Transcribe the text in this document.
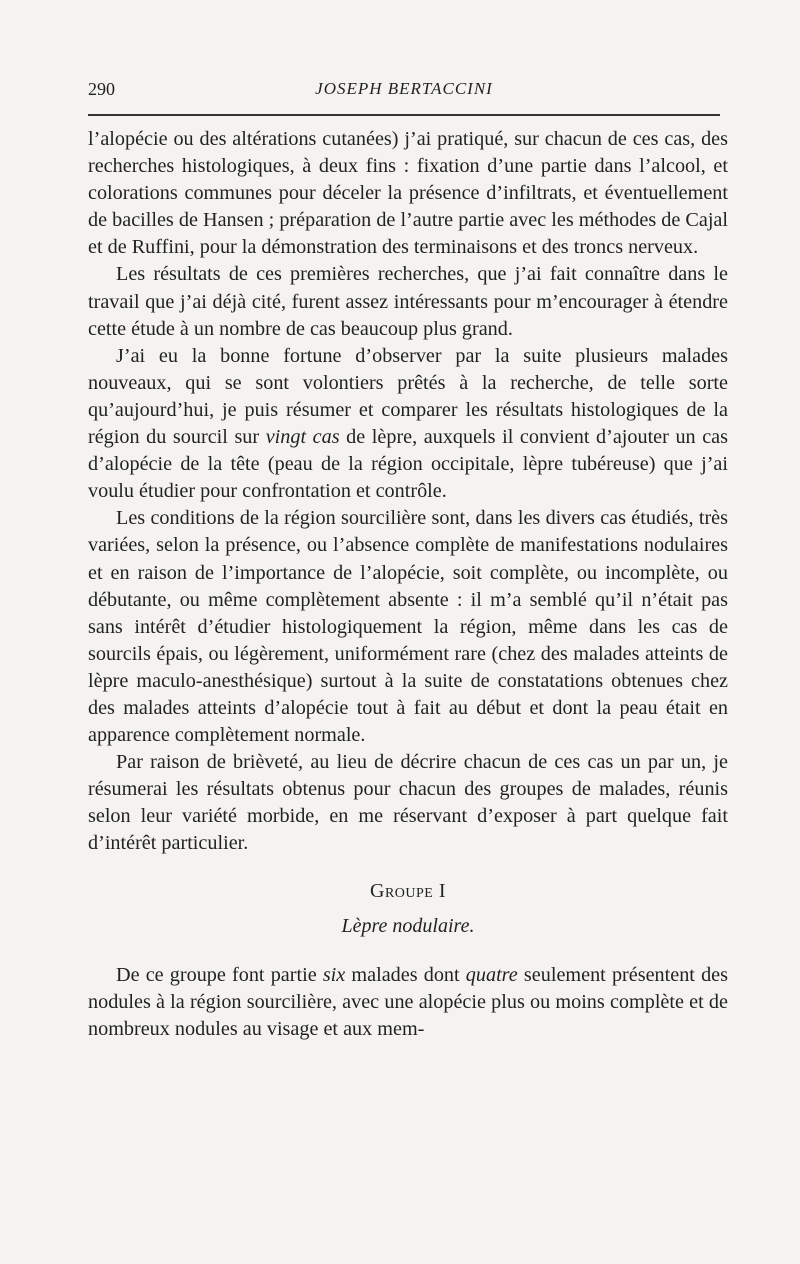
290	JOSEPH BERTACCINI

l’alopécie ou des altérations cutanées) j’ai pratiqué, sur chacun de ces cas, des recherches histologiques, à deux fins : fixation d’une partie dans l’alcool, et colorations communes pour déceler la présence d’infiltrats, et éventuellement de bacilles de Hansen ; préparation de l’autre partie avec les méthodes de Cajal et de Ruffini, pour la démonstration des terminaisons et des troncs nerveux.

Les résultats de ces premières recherches, que j’ai fait connaître dans le travail que j’ai déjà cité, furent assez intéressants pour m’encourager à étendre cette étude à un nombre de cas beaucoup plus grand.

J’ai eu la bonne fortune d’observer par la suite plusieurs malades nouveaux, qui se sont volontiers prêtés à la recherche, de telle sorte qu’aujourd’hui, je puis résumer et comparer les résultats histologiques de la région du sourcil sur vingt cas de lèpre, auxquels il convient d’ajouter un cas d’alopécie de la tête (peau de la région occipitale, lèpre tubéreuse) que j’ai voulu étudier pour confrontation et contrôle.

Les conditions de la région sourcilière sont, dans les divers cas étudiés, très variées, selon la présence, ou l’absence complète de manifestations nodulaires et en raison de l’importance de l’alopécie, soit complète, ou incomplète, ou débutante, ou même complètement absente : il m’a semblé qu’il n’était pas sans intérêt d’étudier histologiquement la région, même dans les cas de sourcils épais, ou légèrement, uniformément rare (chez des malades atteints de lèpre maculo-anesthésique) surtout à la suite de constatations obtenues chez des malades atteints d’alopécie tout à fait au début et dont la peau était en apparence complètement normale.

Par raison de brièveté, au lieu de décrire chacun de ces cas un par un, je résumerai les résultats obtenus pour chacun des groupes de malades, réunis selon leur variété morbide, en me réservant d’exposer à part quelque fait d’intérêt particulier.

Groupe I
Lèpre nodulaire.

De ce groupe font partie six malades dont quatre seulement présentent des nodules à la région sourcilière, avec une alopécie plus ou moins complète et de nombreux nodules au visage et aux mem-
